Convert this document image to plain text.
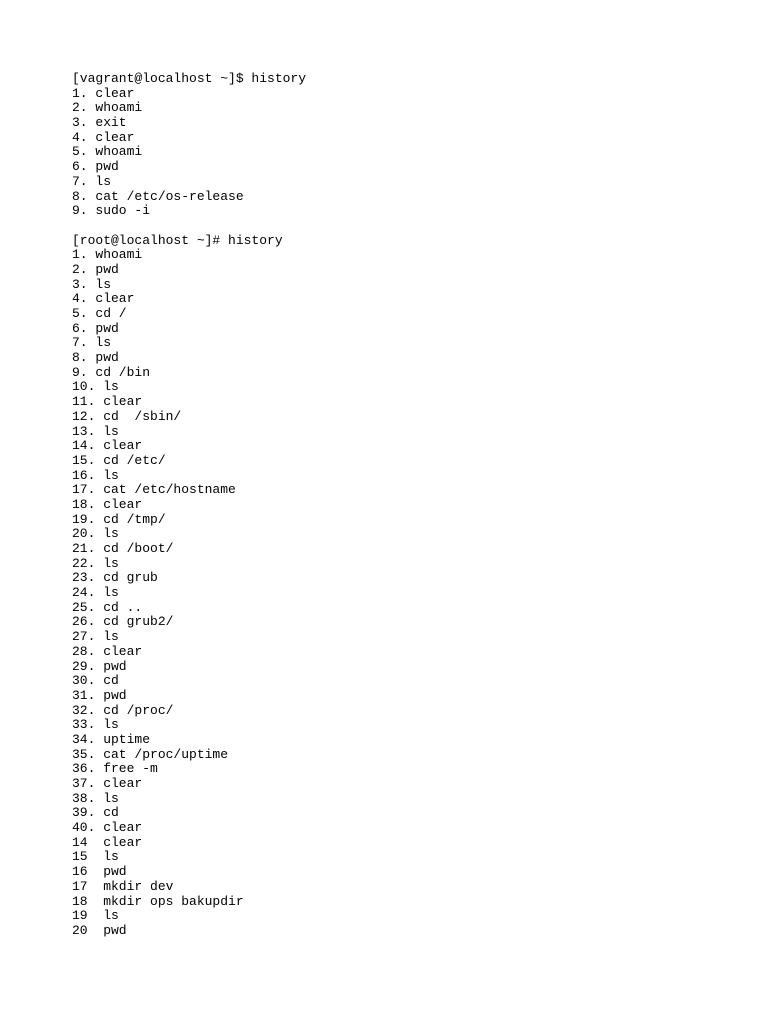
[vagrant@localhost ~]$ history
1. clear
2. whoami
3. exit
4. clear
5. whoami
6. pwd
7. ls
8. cat /etc/os-release
9. sudo -i
[root@localhost ~]# history
1. whoami
2. pwd
3. ls
4. clear
5. cd /
6. pwd
7. ls
8. pwd
9. cd /bin
10. ls
11. clear
12. cd  /sbin/
13. ls
14. clear
15. cd /etc/
16. ls
17. cat /etc/hostname
18. clear
19. cd /tmp/
20. ls
21. cd /boot/
22. ls
23. cd grub
24. ls
25. cd ..
26. cd grub2/
27. ls
28. clear
29. pwd
30. cd
31. pwd
32. cd /proc/
33. ls
34. uptime
35. cat /proc/uptime
36. free -m
37. clear
38. ls
39. cd
40. clear
14  clear
15  ls
16  pwd
17  mkdir dev
18  mkdir ops bakupdir
19  ls
20  pwd
